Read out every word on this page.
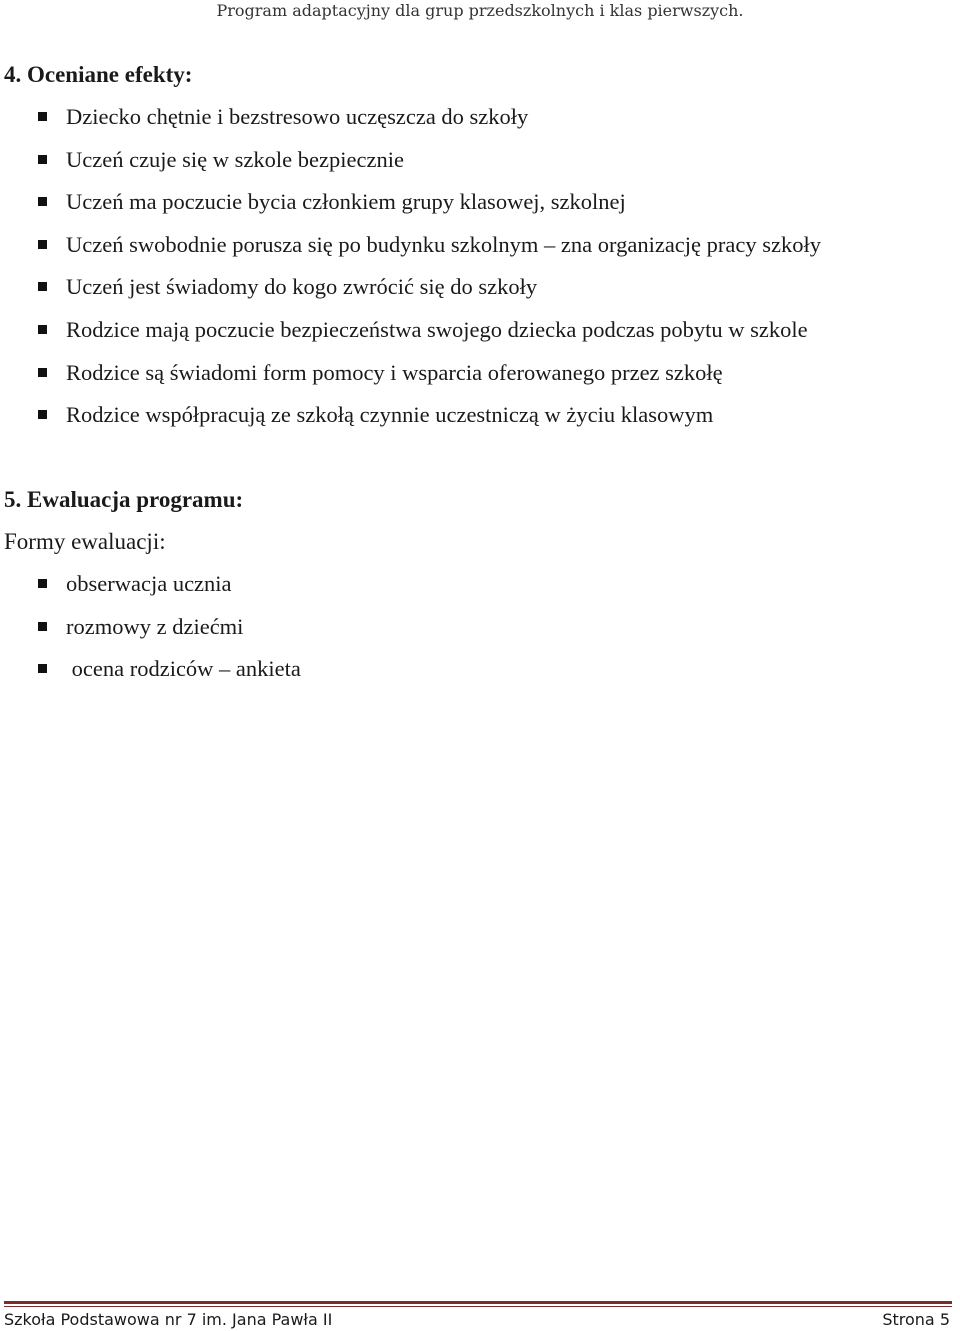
Program adaptacyjny dla grup przedszkolnych i klas pierwszych.
4. Oceniane efekty:
Dziecko chętnie i bezstresowo uczęszcza do szkoły
Uczeń czuje się w szkole bezpiecznie
Uczeń ma poczucie bycia członkiem grupy klasowej, szkolnej
Uczeń swobodnie porusza się po budynku szkolnym – zna organizację pracy szkoły
Uczeń jest świadomy do kogo zwrócić się do szkoły
Rodzice mają poczucie bezpieczeństwa swojego dziecka podczas pobytu w szkole
Rodzice są świadomi form pomocy i wsparcia oferowanego przez szkołę
Rodzice współpracują ze szkołą czynnie uczestniczą w życiu klasowym
5. Ewaluacja programu:

Formy ewaluacji:

obserwacja ucznia
rozmowy z dziećmi
ocena rodziców – ankieta
Szkoła Podstawowa nr 7 im. Jana Pawła II	Strona 5
